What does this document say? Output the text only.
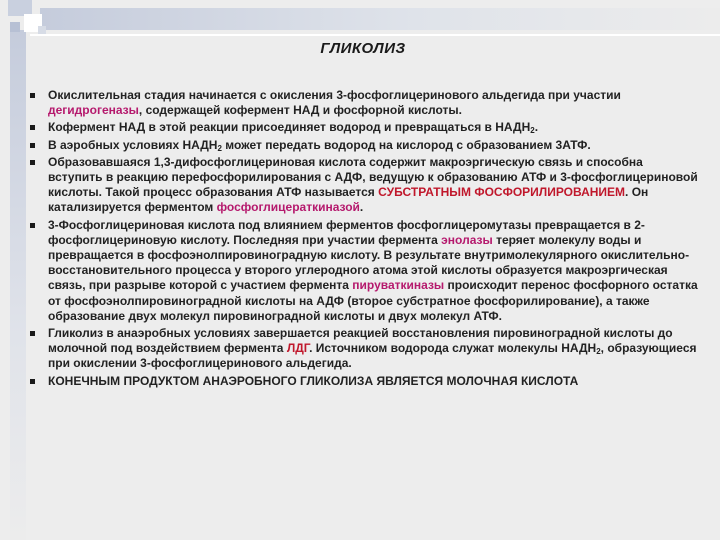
ГЛИКОЛИЗ
Окислительная стадия начинается с окисления 3-фосфоглицеринового альдегида при участии дегидрогеназы, содержащей кофермент НАД и фосфорной кислоты.
Кофермент НАД в этой реакции присоединяет водород и превращаться в $НАДН_2$.
В аэробных условиях $НАДН_2$ может передать водород на кислород с образованием 3АТФ.
Образовавшаяся 1,3-дифосфоглицериновая кислота содержит макроэргическую связь и способна вступить в реакцию перефосфорилирования с АДФ, ведущую к образованию АТФ и 3-фосфоглицериновой кислоты. Такой процесс образования АТФ называется СУБСТРАТНЫМ ФОСФОРИЛИРОВАНИЕМ. Он катализируется ферментом фосфоглицераткиназой.
3-Фосфоглицериновая кислота под влиянием ферментов фосфоглицеромутазы превращается в 2-фосфоглицериновую кислоту. Последняя при участии фермента энолазы теряет молекулу воды и превращается в фосфоэнолпировиноградную кислоту. В результате внутримолекулярного окислительно-восстановительного процесса у второго углеродного атома этой кислоты образуется макроэргическая связь, при разрыве которой с участием фермента пируваткиназы происходит перенос фосфорного остатка от фосфоэнолпировиноградной кислоты на АДФ (второе субстратное фосфорилирование), а также образование двух молекул пировиноградной кислоты и двух молекул АТФ.
Гликолиз в анаэробных условиях завершается реакцией восстановления пировиноградной кислоты до молочной под воздействием фермента ЛДГ. Источником водорода служат молекулы $НАДН_2$, образующиеся при окислении 3-фосфоглицеринового альдегида.
КОНЕЧНЫМ ПРОДУКТОМ АНАЭРОБНОГО ГЛИКОЛИЗА ЯВЛЯЕТСЯ МОЛОЧНАЯ КИСЛОТА
